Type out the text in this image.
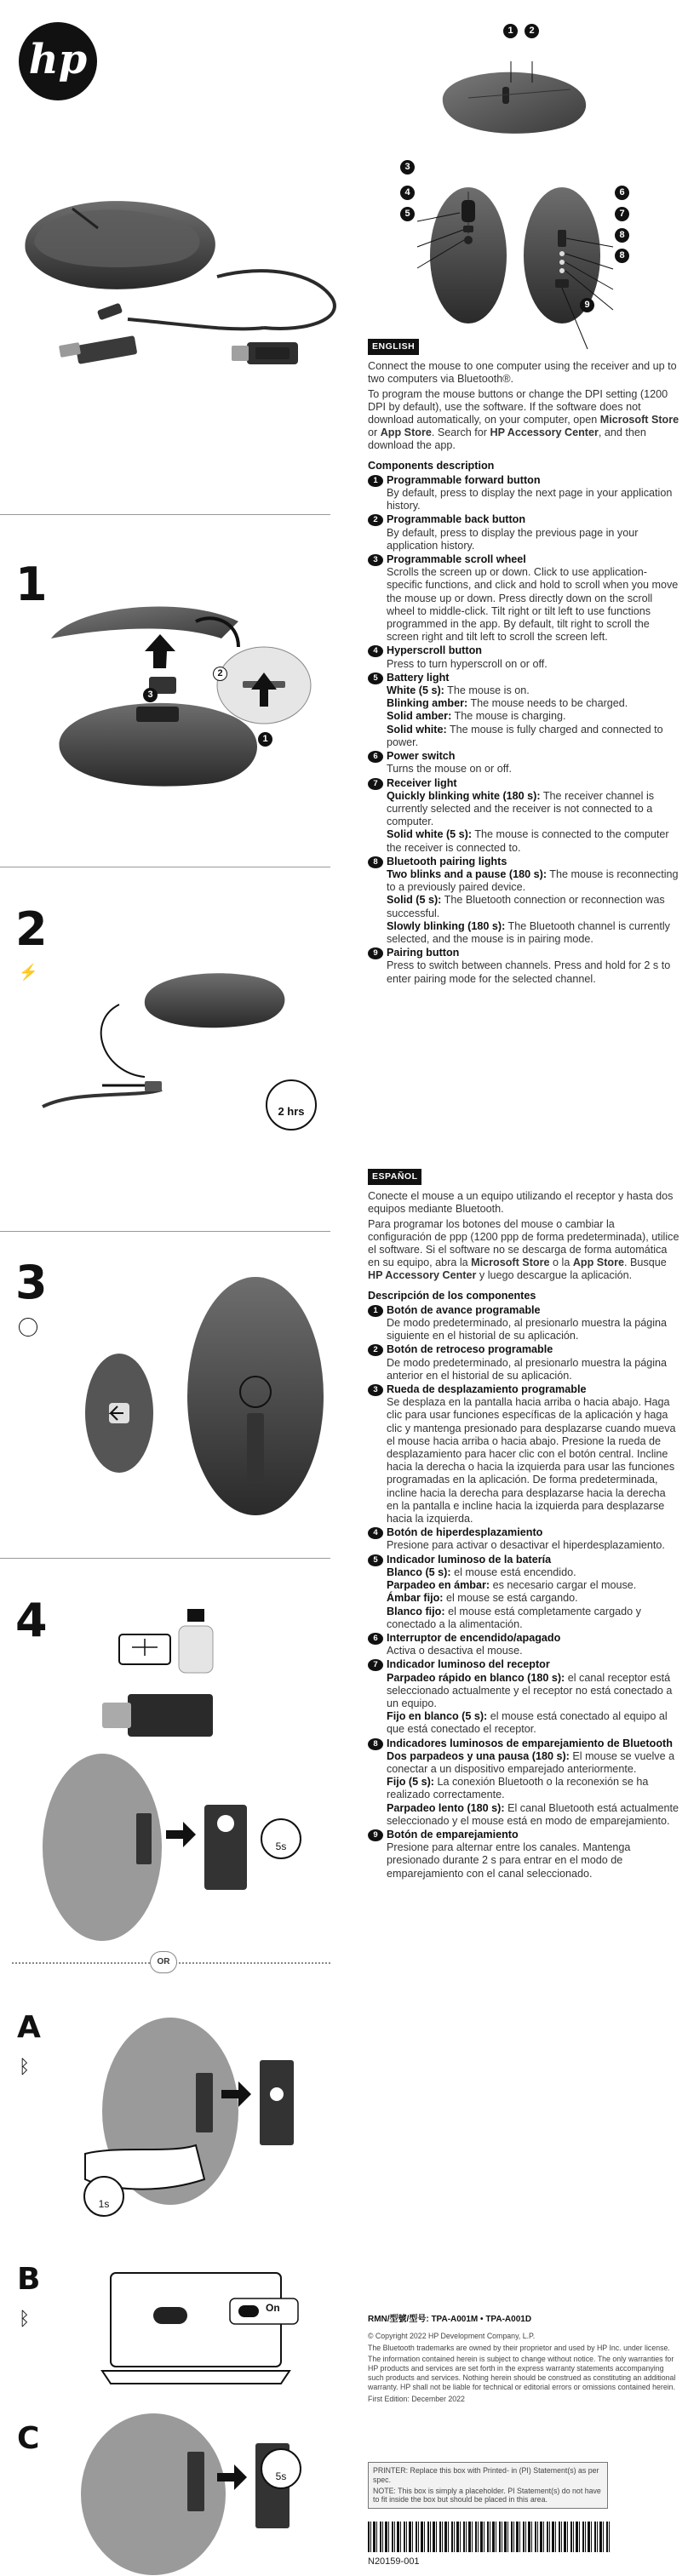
hp
1	2
3
4
5
6
7
8
8
9
1
2
3
1
2
⚡
2 hrs
3
4
5s
OR
A
ᛒ
1s
B
ᛒ
On
C
5s
ENGLISH
Connect the mouse to one computer using the receiver and up to two computers via Bluetooth®.
To program the mouse buttons or change the DPI setting (1200 DPI by default), use the software. If the software does not download automatically, on your computer, open Microsoft Store or App Store. Search for HP Accessory Center, and then download the app.
Components description
1 Programmable forward button
By default, press to display the next page in your application history.
2 Programmable back button
By default, press to display the previous page in your application history.
3 Programmable scroll wheel
Scrolls the screen up or down. Click to use application-specific functions, and click and hold to scroll when you move the mouse up or down. Press directly down on the scroll wheel to middle-click. Tilt right or tilt left to use functions programmed in the app. By default, tilt right to scroll the screen right and tilt left to scroll the screen left.
4 Hyperscroll button
Press to turn hyperscroll on or off.
5 Battery light
White (5 s): The mouse is on.
Blinking amber: The mouse needs to be charged.
Solid amber: The mouse is charging.
Solid white: The mouse is fully charged and connected to power.
6 Power switch
Turns the mouse on or off.
7 Receiver light
Quickly blinking white (180 s): The receiver channel is currently selected and the receiver is not connected to a computer.
Solid white (5 s): The mouse is connected to the computer the receiver is connected to.
8 Bluetooth pairing lights
Two blinks and a pause (180 s): The mouse is reconnecting to a previously paired device.
Solid (5 s): The Bluetooth connection or reconnection was successful.
Slowly blinking (180 s): The Bluetooth channel is currently selected, and the mouse is in pairing mode.
9 Pairing button
Press to switch between channels. Press and hold for 2 s to enter pairing mode for the selected channel.
ESPAÑOL
Conecte el mouse a un equipo utilizando el receptor y hasta dos equipos mediante Bluetooth.
Para programar los botones del mouse o cambiar la configuración de ppp (1200 ppp de forma predeterminada), utilice el software. Si el software no se descarga de forma automática en su equipo, abra la Microsoft Store o la App Store. Busque HP Accessory Center y luego descargue la aplicación.
Descripción de los componentes
1 Botón de avance programable
De modo predeterminado, al presionarlo muestra la página siguiente en el historial de su aplicación.
2 Botón de retroceso programable
De modo predeterminado, al presionarlo muestra la página anterior en el historial de su aplicación.
3 Rueda de desplazamiento programable
Se desplaza en la pantalla hacia arriba o hacia abajo. Haga clic para usar funciones específicas de la aplicación y haga clic y mantenga presionado para desplazarse cuando mueva el mouse hacia arriba o hacia abajo. Presione la rueda de desplazamiento para hacer clic con el botón central. Incline hacia la derecha o hacia la izquierda para usar las funciones programadas en la aplicación. De forma predeterminada, incline hacia la derecha para desplazarse hacia la derecha en la pantalla e incline hacia la izquierda para desplazarse hacia la izquierda.
4 Botón de hiperdesplazamiento
Presione para activar o desactivar el hiperdesplazamiento.
5 Indicador luminoso de la batería
Blanco (5 s): el mouse está encendido.
Parpadeo en ámbar: es necesario cargar el mouse.
Ámbar fijo: el mouse se está cargando.
Blanco fijo: el mouse está completamente cargado y conectado a la alimentación.
6 Interruptor de encendido/apagado
Activa o desactiva el mouse.
7 Indicador luminoso del receptor
Parpadeo rápido en blanco (180 s): el canal receptor está seleccionado actualmente y el receptor no está conectado a un equipo.
Fijo en blanco (5 s): el mouse está conectado al equipo al que está conectado el receptor.
8 Indicadores luminosos de emparejamiento de Bluetooth
Dos parpadeos y una pausa (180 s): El mouse se vuelve a conectar a un dispositivo emparejado anteriormente.
Fijo (5 s): La conexión Bluetooth o la reconexión se ha realizado correctamente.
Parpadeo lento (180 s): El canal Bluetooth está actualmente seleccionado y el mouse está en modo de emparejamiento.
9 Botón de emparejamiento
Presione para alternar entre los canales. Mantenga presionado durante 2 s para entrar en el modo de emparejamiento con el canal seleccionado.
RMN/型號/型号: TPA-A001M • TPA-A001D
© Copyright 2022 HP Development Company, L.P.
The Bluetooth trademarks are owned by their proprietor and used by HP Inc. under license.
The information contained herein is subject to change without notice. The only warranties for HP products and services are set forth in the express warranty statements accompanying such products and services. Nothing herein should be construed as constituting an additional warranty. HP shall not be liable for technical or editorial errors or omissions contained herein.
First Edition: December 2022
PRINTER: Replace this box with Printed- in (PI) Statement(s) as per spec.
NOTE: This box is simply a placeholder. PI Statement(s) do not have to fit inside the box but should be placed in this area.
N20159-001
